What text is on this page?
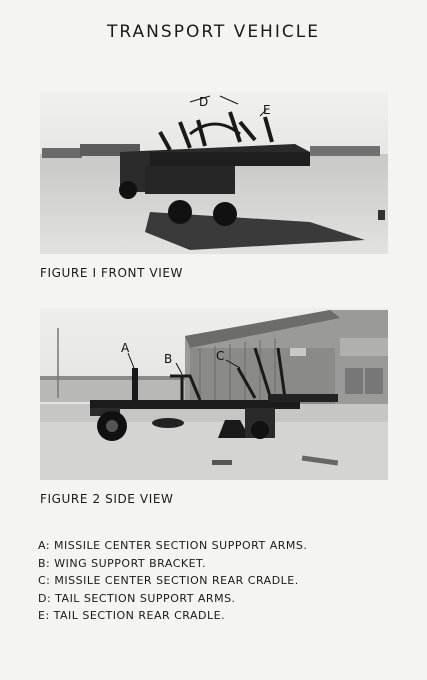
TRANSPORT VEHICLE
D
E
FIGURE I FRONT VIEW
A
B	C
FIGURE 2 SIDE VIEW
A: MISSILE CENTER SECTION SUPPORT ARMS.
B: WING SUPPORT BRACKET.
C: MISSILE CENTER SECTION REAR CRADLE.
D: TAIL SECTION SUPPORT ARMS.
E: TAIL SECTION REAR CRADLE.
